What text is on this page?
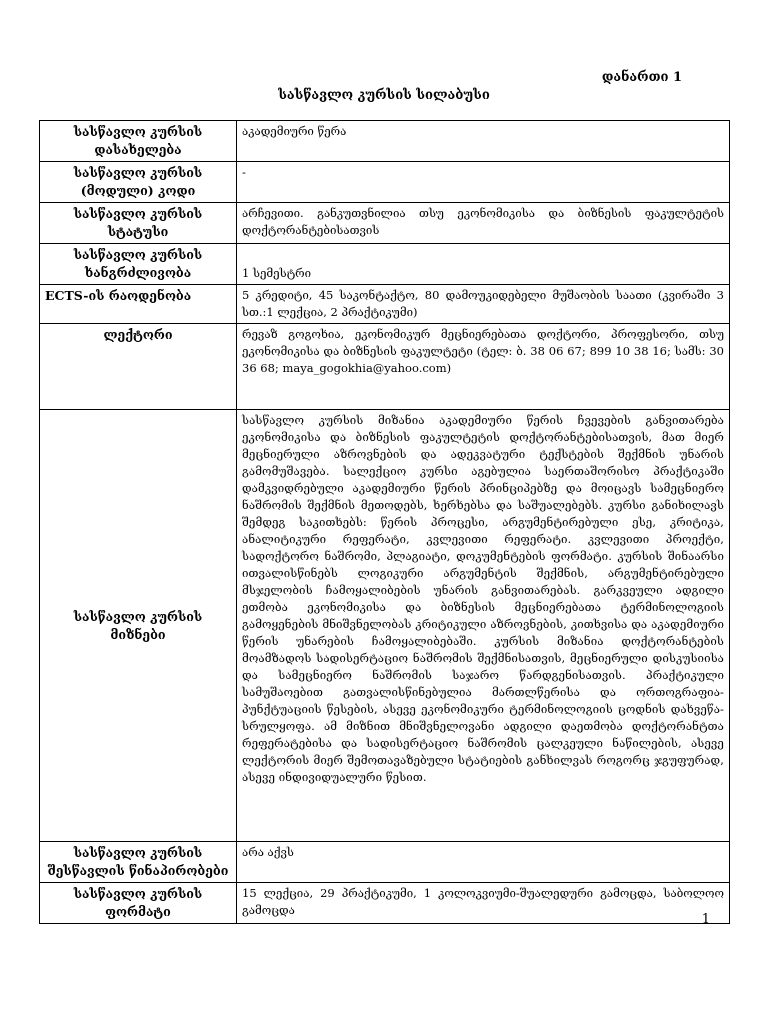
დანართი 1
სასწავლო კურსის სილაბუსი
სასწავლო კურსის დასახელება	აკადემიური წერა
სასწავლო კურსის (მოდული) კოდი	-
სასწავლო კურსის სტატუსი	არჩევითი. განკუთვნილია თსუ ეკონომიკისა და ბიზნესის ფაკულტეტის დოქტორანტებისათვის
სასწავლო კურსის ხანგრძლივობა	1 სემესტრი
ECTS-ის რაოდენობა	5 კრედიტი, 45 საკონტაქტო, 80 დამოუკიდებელი მუშაობის საათი (კვირაში 3 სთ.:1 ლექცია, 2 პრაქტიკუმი)
ლექტორი	რევაზ გოგოხია, ეკონომიკურ მეცნიერებათა დოქტორი, პროფესორი, თსუ ეკონომიკისა და ბიზნესის ფაკულტეტი (ტელ: ბ. 38 06 67; 899 10 38 16; სამს: 30 36 68; maya_gogokhia@yahoo.com)
სასწავლო კურსის მიზნები	სასწავლო კურსის მიზანია აკადემიური წერის ჩვევების განვითარება ეკონომიკისა და ბიზნესის ფაკულტეტის დოქტორანტებისათვის, მათ მიერ მეცნიერული აზროვნების და ადეკვატური ტექსტების შექმნის უნარის გამომუშავება. სალექციო კურსი აგებულია საერთაშორისო პრაქტიკაში დამკვიდრებული აკადემიური წერის პრინციპებზე და მოიცავს სამეცნიერო ნაშრომის შექმნის მეთოდებს, ხერხებსა და საშუალებებს. კურსი განიხილავს შემდეგ საკითხებს: წერის პროცესი, არგუმენტირებული ესე, კრიტიკა, ანალიტიკური რეფერატი, კვლევითი რეფერატი. კვლევითი პროექტი, სადოქტორო ნაშრომი, პლაგიატი, დოკუმენტების ფორმატი. კურსის შინაარსი ითვალისწინებს ლოგიკური არგუმენტის შექმნის, არგუმენტირებული მსჯელობის ჩამოყალიბების უნარის განვითარებას. გარკვეული ადგილი ეთმობა ეკონომიკისა და ბიზნესის მეცნიერებათა ტერმინოლოგიის გამოყენების მნიშვნელობას კრიტიკული აზროვნების, კითხვისა და აკადემიური წერის უნარების ჩამოყალიბებაში. კურსის მიზანია დოქტორანტების მოამზადოს სადისერტაციო ნაშრომის შექმნისათვის, მეცნიერული დისკუსიისა და სამეცნიერო ნაშრომის საჯარო წარდგენისათვის. პრაქტიკული სამუშაოებით გათვალისწინებულია მართლწერისა და ორთოგრაფია-პუნქტუაციის წესების, ასევე ეკონომიკური ტერმინოლოგიის ცოდნის დახვეწა-სრულყოფა. ამ მიზნით მნიშვნელოვანი ადგილი დაეთმობა დოქტორანტთა რეფერატებისა და სადისერტაციო ნაშრომის ცალკეული ნაწილების, ასევე ლექტორის მიერ შემოთავაზებული სტატიების განხილვას როგორც ჯგუფურად, ასევე ინდივიდუალური წესით.
სასწავლო კურსის შესწავლის წინაპირობები	არა აქვს
სასწავლო კურსის ფორმატი	15 ლექცია, 29 პრაქტიკუმი, 1 კოლოკვიუმი-შუალედური გამოცდა, საბოლოო გამოცდა
1
